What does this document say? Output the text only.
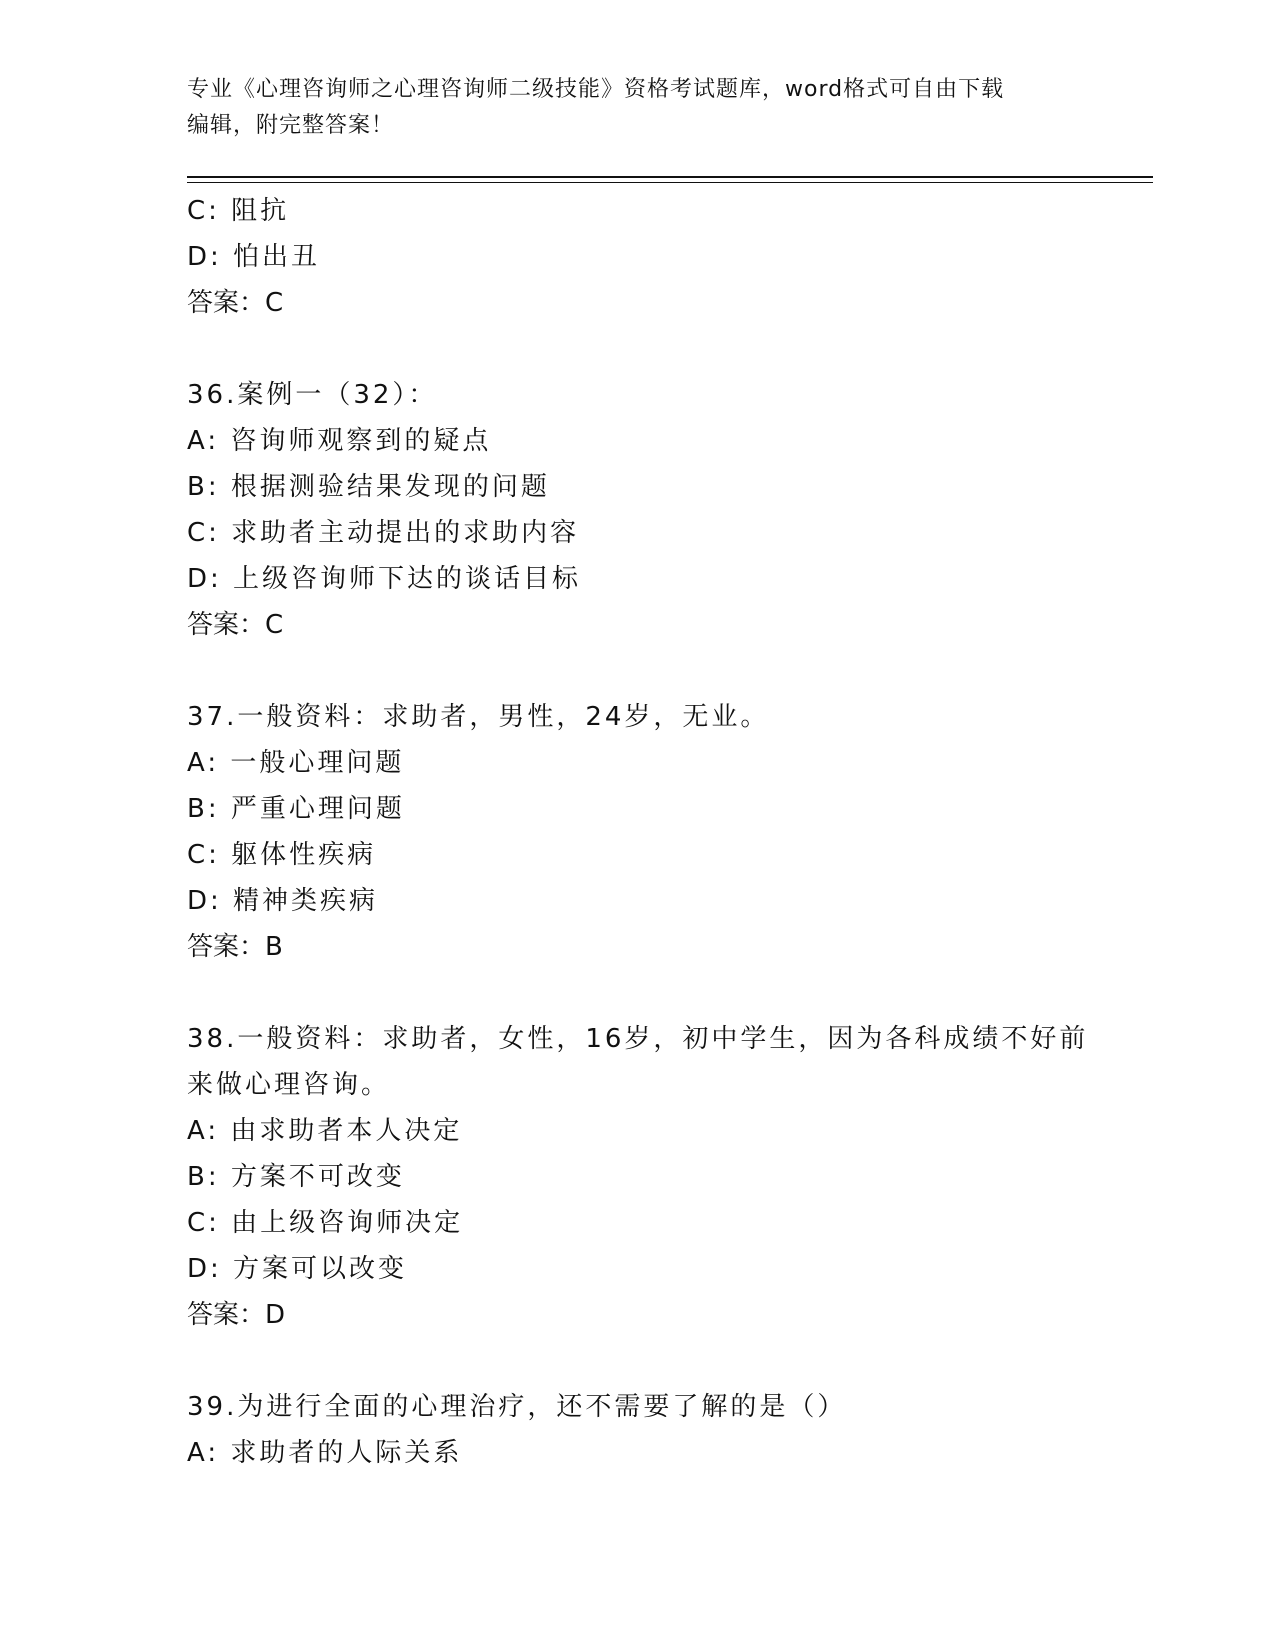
专业《心理咨询师之心理咨询师二级技能》资格考试题库，word格式可自由下载
编辑，附完整答案！
C: 阻抗
D: 怕出丑
答案：C
36.案例一（32）：
A: 咨询师观察到的疑点
B: 根据测验结果发现的问题
C: 求助者主动提出的求助内容
D: 上级咨询师下达的谈话目标
答案：C
37.一般资料：求助者，男性，24岁，无业。
A: 一般心理问题
B: 严重心理问题
C: 躯体性疾病
D: 精神类疾病
答案：B
38.一般资料：求助者，女性，16岁，初中学生，因为各科成绩不好前
来做心理咨询。
A: 由求助者本人决定
B: 方案不可改变
C: 由上级咨询师决定
D: 方案可以改变
答案：D
39.为进行全面的心理治疗，还不需要了解的是（）
A: 求助者的人际关系
